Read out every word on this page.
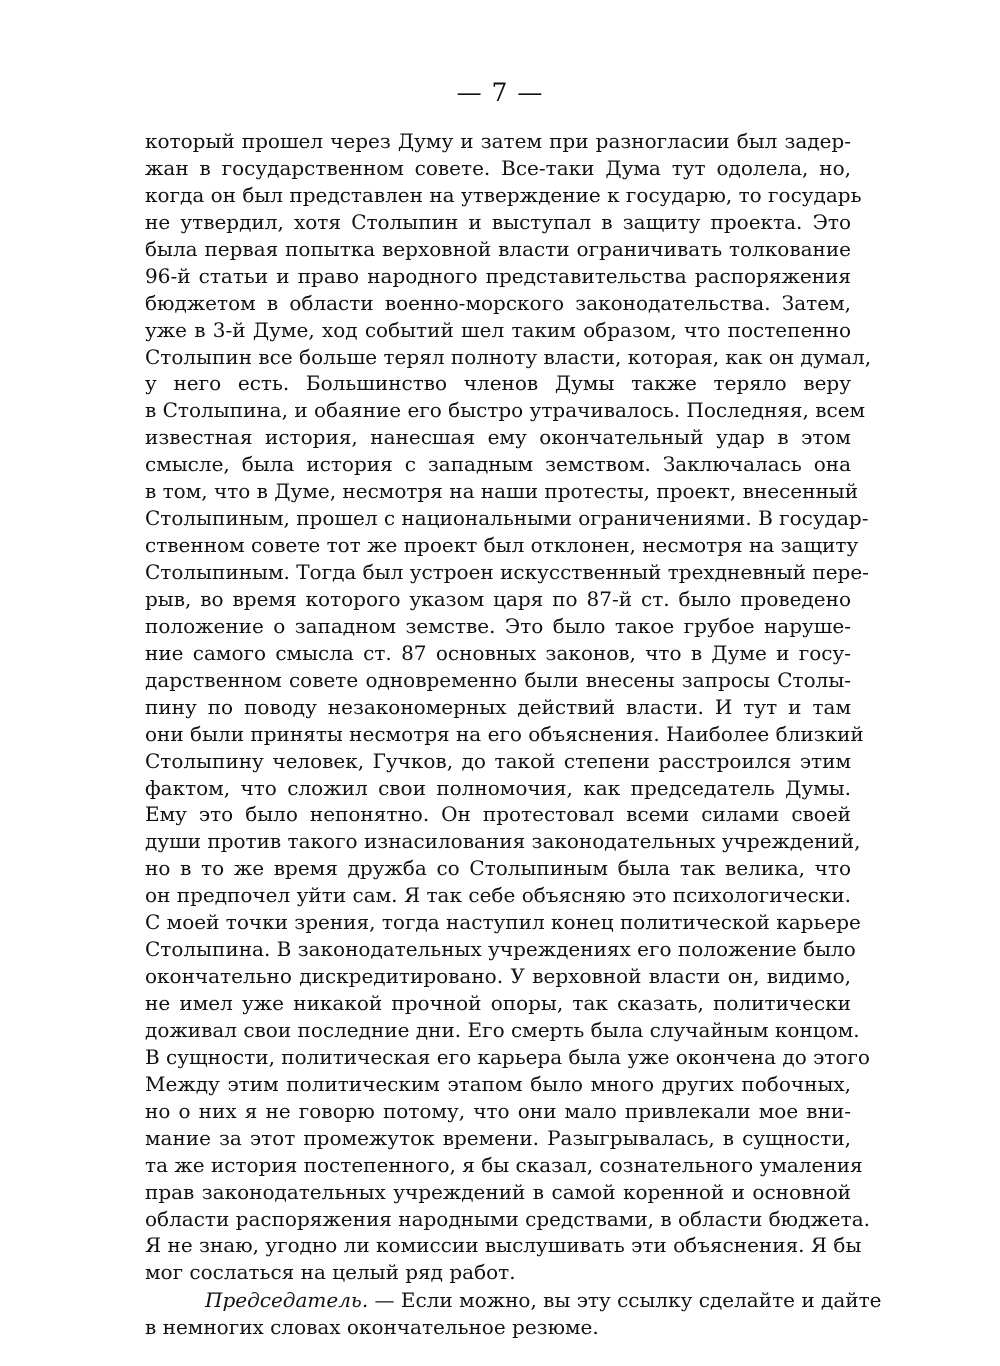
— 7 —
который прошел через Думу и затем при разногласии был задер-
жан в государственном совете. Все-таки Дума тут одолела, но,
когда он был представлен на утверждение к государю, то государь
не утвердил, хотя Столыпин и выступал в защиту проекта. Это
была первая попытка верховной власти ограничивать толкование
96-й статьи и право народного представительства распоряжения
бюджетом в области военно-морского законодательства. Затем,
уже в 3-й Думе, ход событий шел таким образом, что постепенно
Столыпин все больше терял полноту власти, которая, как он думал,
у него есть. Большинство членов Думы также теряло веру
в Столыпина, и обаяние его быстро утрачивалось. Последняя, всем
известная история, нанесшая ему окончательный удар в этом
смысле, была история с западным земством. Заключалась она
в том, что в Думе, несмотря на наши протесты, проект, внесенный
Столыпиным, прошел с национальными ограничениями. В государ-
ственном совете тот же проект был отклонен, несмотря на защиту
Столыпиным. Тогда был устроен искусственный трехдневный пере-
рыв, во время которого указом царя по 87-й ст. было проведено
положение о западном земстве. Это было такое грубое наруше-
ние самого смысла ст. 87 основных законов, что в Думе и госу-
дарственном совете одновременно были внесены запросы Столы-
пину по поводу незакономерных действий власти. И тут и там
они были приняты несмотря на его объяснения. Наиболее близкий
Столыпину человек, Гучков, до такой степени расстроился этим
фактом, что сложил свои полномочия, как председатель Думы.
Ему это было непонятно. Он протестовал всеми силами своей
души против такого изнасилования законодательных учреждений,
но в то же время дружба со Столыпиным была так велика, что
он предпочел уйти сам. Я так себе объясняю это психологически.
С моей точки зрения, тогда наступил конец политической карьере
Столыпина. В законодательных учреждениях его положение было
окончательно дискредитировано. У верховной власти он, видимо,
не имел уже никакой прочной опоры, так сказать, политически
доживал свои последние дни. Его смерть была случайным концом.
В сущности, политическая его карьера была уже окончена до этого
Между этим политическим этапом было много других побочных,
но о них я не говорю потому, что они мало привлекали мое вни-
мание за этот промежуток времени. Разыгрывалась, в сущности,
та же история постепенного, я бы сказал, сознательного умаления
прав законодательных учреждений в самой коренной и основной
области распоряжения народными средствами, в области бюджета.
Я не знаю, угодно ли комиссии выслушивать эти объяснения. Я бы
мог сослаться на целый ряд работ.
Председатель. — Если можно, вы эту ссылку сделайте и дайте
в немногих словах окончательное резюме.
